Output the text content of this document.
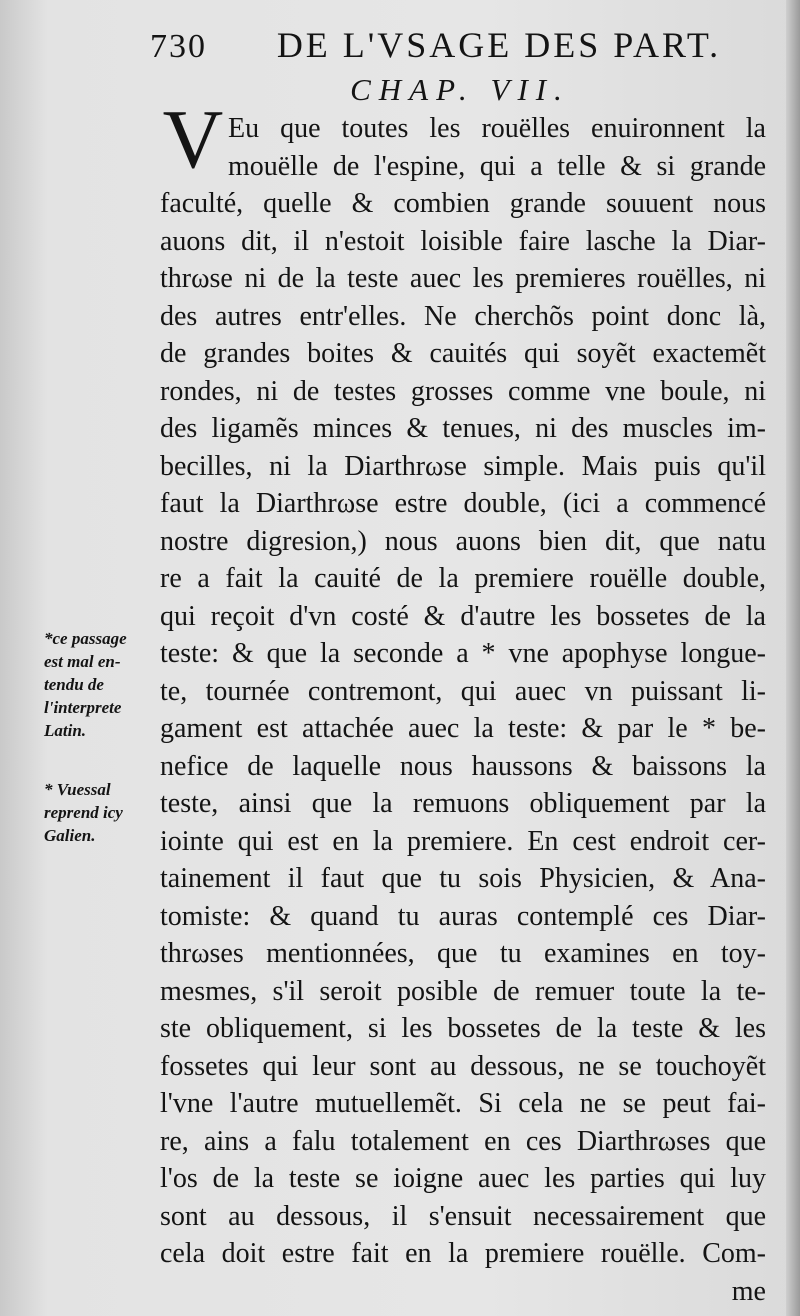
730	DE L'VSAGE DES PART.
CHAP. VII.
V Eu que toutes les rouëlles enuironnent la
mouëlle de l'espine, qui a telle & si grande
faculté, quelle & combien grande souuent nous
auons dit, il n'estoit loisible faire lasche la Diar-
thrωse ni de la teste auec les premieres rouëlles, ni
des autres entr'elles. Ne cherchõs point donc là,
de grandes boites & cauités qui soyẽt exactemẽt
rondes, ni de testes grosses comme vne boule, ni
des ligamẽs minces & tenues, ni des muscles im-
becilles, ni la Diarthrωse simple. Mais puis qu'il
faut la Diarthrωse estre double, (ici a commencé
nostre digresion,) nous auons bien dit, que natu
re a fait la cauité de la premiere rouëlle double,
qui reçoit d'vn costé & d'autre les bossetes de la
teste: & que la seconde a * vne apophyse longue-
te, tournée contremont, qui auec vn puissant li-
gament est attachée auec la teste: & par le * be-
nefice de laquelle nous haussons & baissons la
teste, ainsi que la remuons obliquement par la
iointe qui est en la premiere. En cest endroit cer-
tainement il faut que tu sois Physicien, & Ana-
tomiste: & quand tu auras contemplé ces Diar-
thrωses mentionnées, que tu examines en toy-
mesmes, s'il seroit posible de remuer toute la te-
ste obliquement, si les bossetes de la teste & les
fossetes qui leur sont au dessous, ne se touchoyẽt
l'vne l'autre mutuellemẽt. Si cela ne se peut fai-
re, ains a falu totalement en ces Diarthrωses que
l'os de la teste se ioigne auec les parties qui luy
sont au dessous, il s'ensuit necessairement que
cela doit estre fait en la premiere rouëlle. Com-
me
*ce passage
est mal en-
tendu de
l'interprete
Latin.
* Vuessal
reprend icy
Galien.
